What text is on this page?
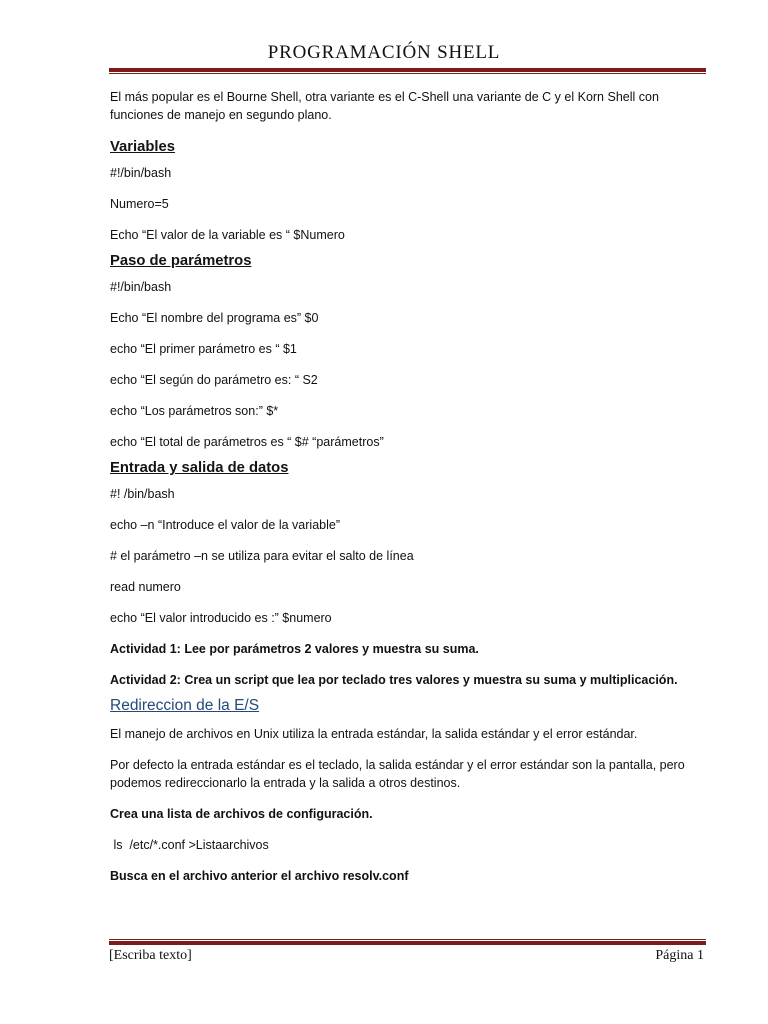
PROGRAMACIÓN SHELL

El más popular es el Bourne Shell, otra variante es el C-Shell una variante de C y el Korn Shell con funciones de manejo en segundo plano.

Variables
#!/bin/bash
Numero=5
Echo “El valor de la variable es “ $Numero
Paso de parámetros
#!/bin/bash
Echo “El nombre del programa es” $0
echo “El primer parámetro es “ $1
echo “El según do parámetro es: “ S2
echo “Los parámetros son:” $*
echo “El total de parámetros es “ $# “parámetros”
Entrada y salida de datos
#! /bin/bash
echo –n “Introduce el valor de la variable”
# el parámetro –n se utiliza para evitar el salto de línea
read numero
echo “El valor introducido es :” $numero
Actividad 1: Lee por parámetros 2 valores y muestra su suma.
Actividad 2: Crea un script que lea por teclado tres valores y muestra su suma y multiplicación.
Redireccion de la E/S

El manejo de archivos en Unix utiliza la entrada estándar, la salida estándar y el error estándar.

Por defecto la entrada estándar es el teclado, la salida estándar y el error estándar son la pantalla, pero podemos redireccionarlo la entrada y la salida a otros destinos.

Crea una lista de archivos de configuración.
ls  /etc/*.conf >Listaarchivos
Busca en el archivo anterior el archivo resolv.conf
[Escriba texto]	Página 1
